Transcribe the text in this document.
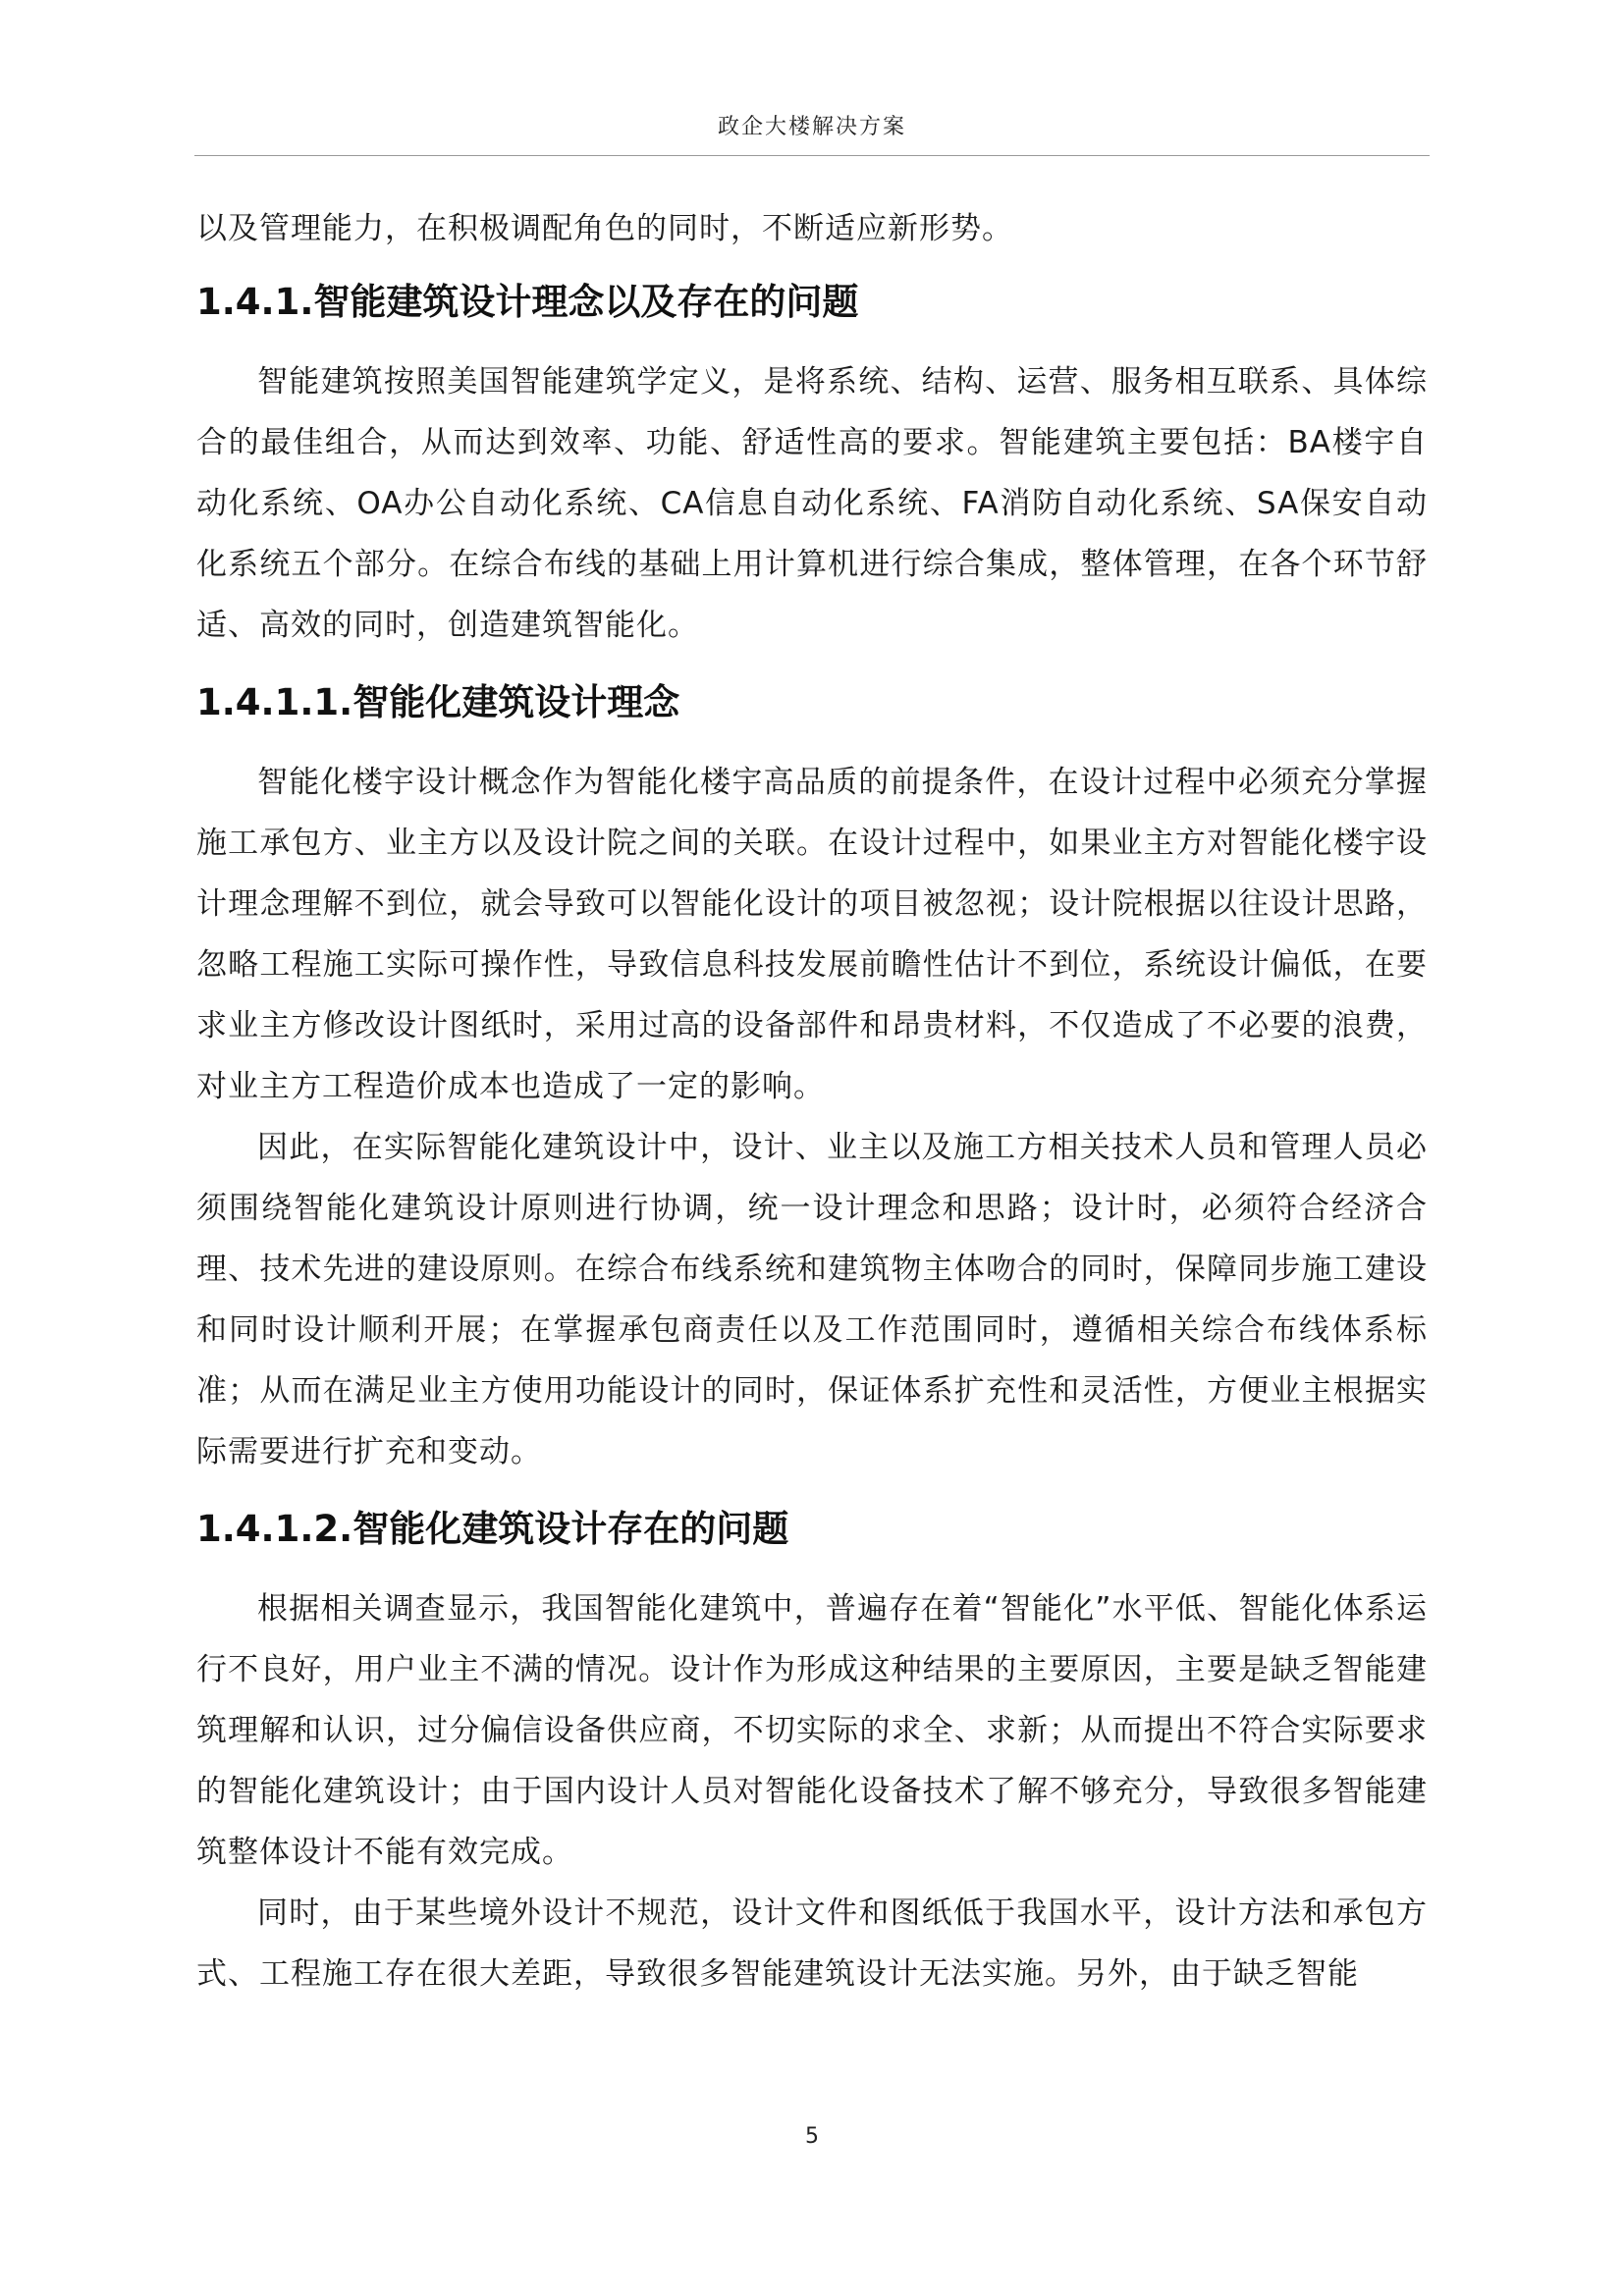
政企大楼解决方案

以及管理能力，在积极调配角色的同时，不断适应新形势。

1.4.1.智能建筑设计理念以及存在的问题

智能建筑按照美国智能建筑学定义，是将系统、结构、运营、服务相互联系、具体综合的最佳组合，从而达到效率、功能、舒适性高的要求。智能建筑主要包括：BA楼宇自动化系统、OA办公自动化系统、CA信息自动化系统、FA消防自动化系统、SA保安自动化系统五个部分。在综合布线的基础上用计算机进行综合集成，整体管理，在各个环节舒适、高效的同时，创造建筑智能化。

1.4.1.1.智能化建筑设计理念

智能化楼宇设计概念作为智能化楼宇高品质的前提条件，在设计过程中必须充分掌握施工承包方、业主方以及设计院之间的关联。在设计过程中，如果业主方对智能化楼宇设计理念理解不到位，就会导致可以智能化设计的项目被忽视；设计院根据以往设计思路，忽略工程施工实际可操作性，导致信息科技发展前瞻性估计不到位，系统设计偏低，在要求业主方修改设计图纸时，采用过高的设备部件和昂贵材料，不仅造成了不必要的浪费，对业主方工程造价成本也造成了一定的影响。

因此，在实际智能化建筑设计中，设计、业主以及施工方相关技术人员和管理人员必须围绕智能化建筑设计原则进行协调，统一设计理念和思路；设计时，必须符合经济合理、技术先进的建设原则。在综合布线系统和建筑物主体吻合的同时，保障同步施工建设和同时设计顺利开展；在掌握承包商责任以及工作范围同时，遵循相关综合布线体系标准；从而在满足业主方使用功能设计的同时，保证体系扩充性和灵活性，方便业主根据实际需要进行扩充和变动。

1.4.1.2.智能化建筑设计存在的问题

根据相关调查显示，我国智能化建筑中，普遍存在着“智能化”水平低、智能化体系运行不良好，用户业主不满的情况。设计作为形成这种结果的主要原因，主要是缺乏智能建筑理解和认识，过分偏信设备供应商，不切实际的求全、求新；从而提出不符合实际要求的智能化建筑设计；由于国内设计人员对智能化设备技术了解不够充分，导致很多智能建筑整体设计不能有效完成。

同时，由于某些境外设计不规范，设计文件和图纸低于我国水平，设计方法和承包方式、工程施工存在很大差距，导致很多智能建筑设计无法实施。另外，由于缺乏智能

5
